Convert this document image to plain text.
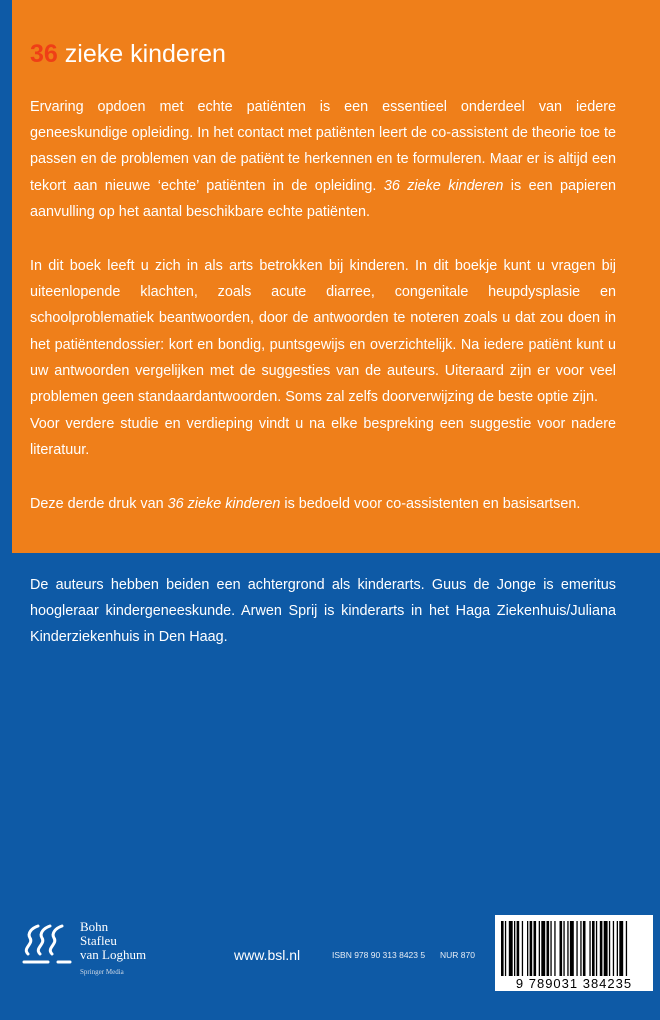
36 zieke kinderen

Ervaring opdoen met echte patiënten is een essentieel onderdeel van iedere geneeskundige opleiding. In het contact met patiënten leert de co-assistent de theorie toe te passen en de problemen van de patiënt te herkennen en te formuleren. Maar er is altijd een tekort aan nieuwe ‘echte’ patiënten in de opleiding. 36 zieke kinderen is een papieren aanvulling op het aantal beschikbare echte patiënten.

In dit boek leeft u zich in als arts betrokken bij kinderen. In dit boekje kunt u vragen bij uiteenlopende klachten, zoals acute diarree, congenitale heupdysplasie en schoolproblematiek beantwoorden, door de antwoorden te noteren zoals u dat zou doen in het patiëntendossier: kort en bondig, puntsgewijs en overzichtelijk. Na iedere patiënt kunt u uw antwoorden vergelijken met de suggesties van de auteurs. Uiteraard zijn er voor veel problemen geen standaardantwoorden. Soms zal zelfs doorverwijzing de beste optie zijn.

Voor verdere studie en verdieping vindt u na elke bespreking een suggestie voor nadere literatuur.

Deze derde druk van 36 zieke kinderen is bedoeld voor co-assistenten en basisartsen.

De auteurs hebben beiden een achtergrond als kinderarts. Guus de Jonge is emeritus hoogleraar kindergeneeskunde. Arwen Sprij is kinderarts in het Haga Ziekenhuis/Juliana Kinderziekenhuis in Den Haag.

Bohn
Stafleu
van Loghum
Springer Media
www.bsl.nl	ISBN 978 90 313 8423 5 NUR 870
9 789031 384235
